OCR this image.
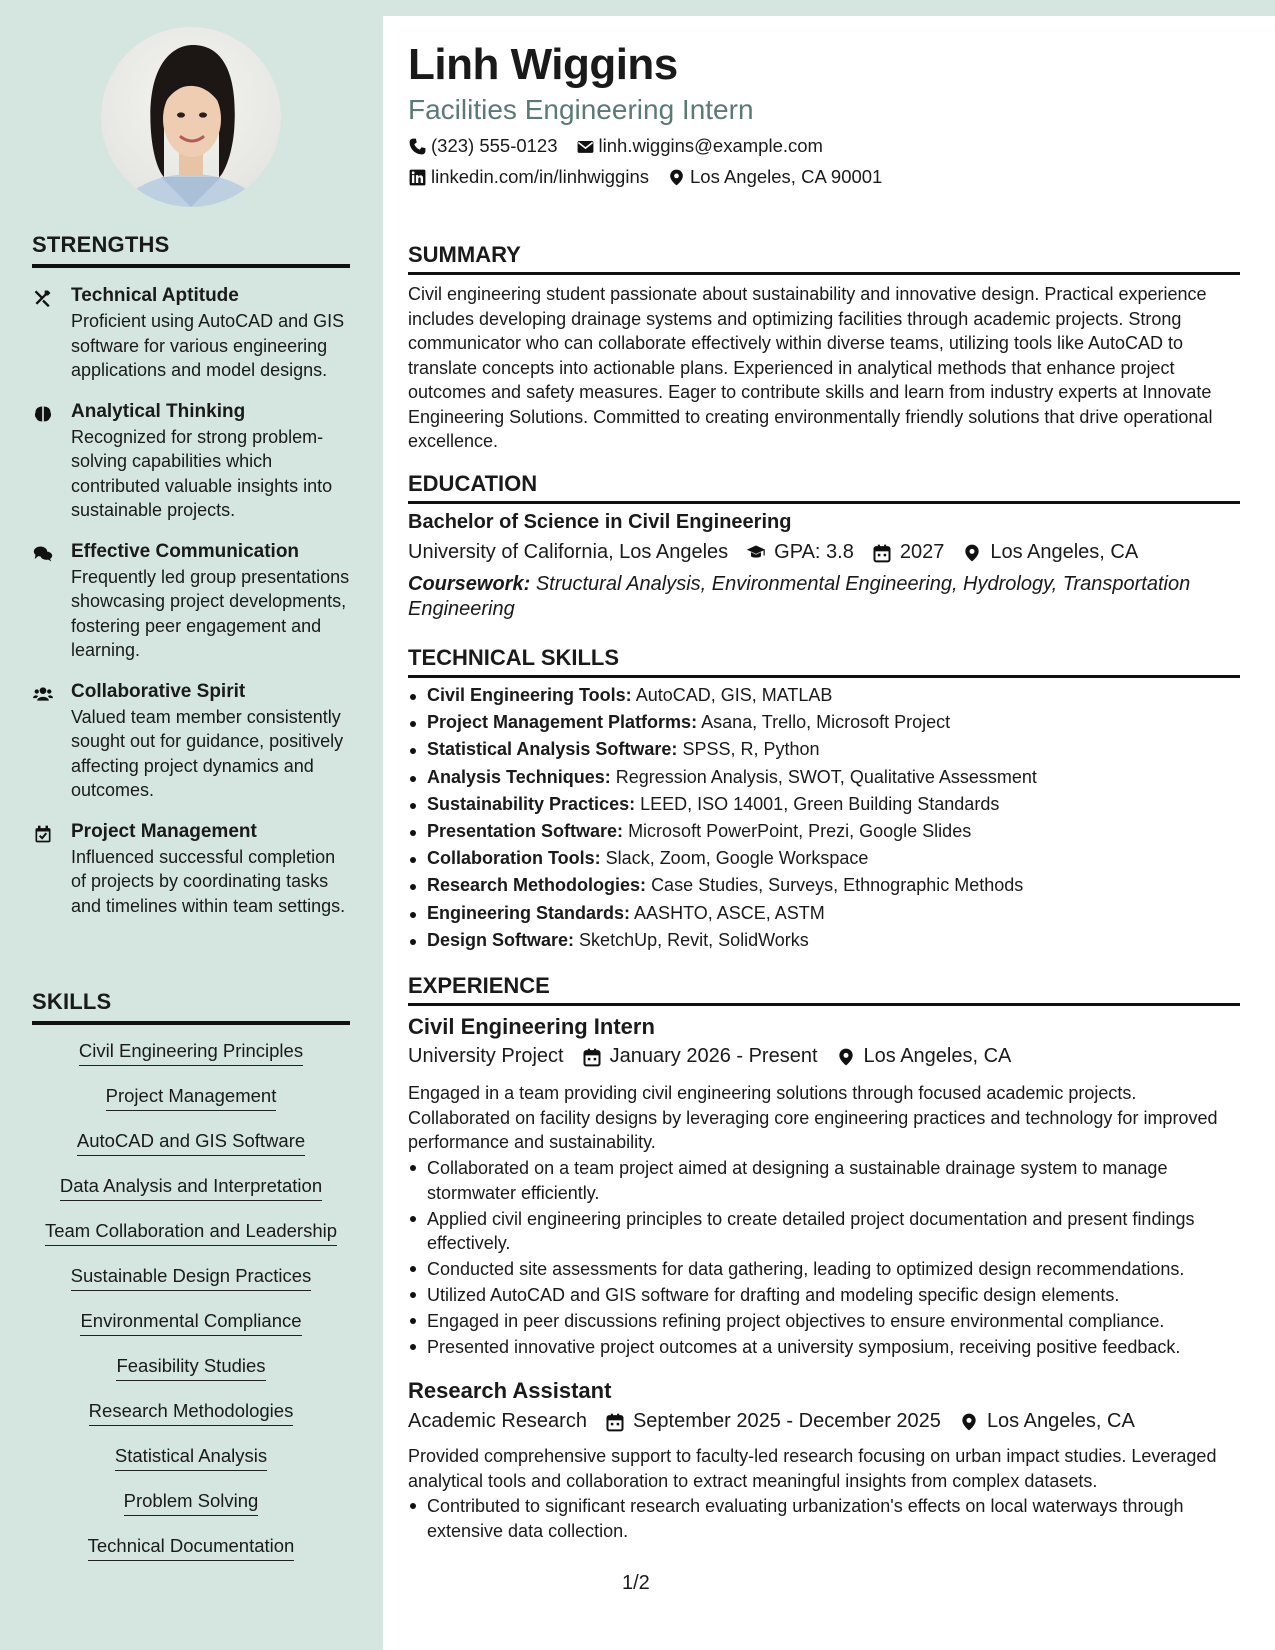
STRENGTHS
Technical Aptitude
Proficient using AutoCAD and GIS software for various engineering applications and model designs.
Analytical Thinking
Recognized for strong problem-solving capabilities which contributed valuable insights into sustainable projects.
Effective Communication
Frequently led group presentations showcasing project developments, fostering peer engagement and learning.
Collaborative Spirit
Valued team member consistently sought out for guidance, positively affecting project dynamics and outcomes.
Project Management
Influenced successful completion of projects by coordinating tasks and timelines within team settings.
SKILLS
Civil Engineering Principles
Project Management
AutoCAD and GIS Software
Data Analysis and Interpretation
Team Collaboration and Leadership
Sustainable Design Practices
Environmental Compliance
Feasibility Studies
Research Methodologies
Statistical Analysis
Problem Solving
Technical Documentation
Linh Wiggins
Facilities Engineering Intern
(323) 555-0123 linh.wiggins@example.com
linkedin.com/in/linhwiggins Los Angeles, CA 90001
SUMMARY
Civil engineering student passionate about sustainability and innovative design. Practical experience includes developing drainage systems and optimizing facilities through academic projects. Strong communicator who can collaborate effectively within diverse teams, utilizing tools like AutoCAD to translate concepts into actionable plans. Experienced in analytical methods that enhance project outcomes and safety measures. Eager to contribute skills and learn from industry experts at Innovate Engineering Solutions. Committed to creating environmentally friendly solutions that drive operational excellence.
EDUCATION
Bachelor of Science in Civil Engineering
University of California, Los Angeles GPA: 3.8 2027 Los Angeles, CA
Coursework: Structural Analysis, Environmental Engineering, Hydrology, Transportation Engineering
TECHNICAL SKILLS
Civil Engineering Tools: AutoCAD, GIS, MATLAB
Project Management Platforms: Asana, Trello, Microsoft Project
Statistical Analysis Software: SPSS, R, Python
Analysis Techniques: Regression Analysis, SWOT, Qualitative Assessment
Sustainability Practices: LEED, ISO 14001, Green Building Standards
Presentation Software: Microsoft PowerPoint, Prezi, Google Slides
Collaboration Tools: Slack, Zoom, Google Workspace
Research Methodologies: Case Studies, Surveys, Ethnographic Methods
Engineering Standards: AASHTO, ASCE, ASTM
Design Software: SketchUp, Revit, SolidWorks
EXPERIENCE
Civil Engineering Intern
University Project January 2026 - Present Los Angeles, CA
Engaged in a team providing civil engineering solutions through focused academic projects. Collaborated on facility designs by leveraging core engineering practices and technology for improved performance and sustainability.
Collaborated on a team project aimed at designing a sustainable drainage system to manage stormwater efficiently.
Applied civil engineering principles to create detailed project documentation and present findings effectively.
Conducted site assessments for data gathering, leading to optimized design recommendations.
Utilized AutoCAD and GIS software for drafting and modeling specific design elements.
Engaged in peer discussions refining project objectives to ensure environmental compliance.
Presented innovative project outcomes at a university symposium, receiving positive feedback.
Research Assistant
Academic Research September 2025 - December 2025 Los Angeles, CA
Provided comprehensive support to faculty-led research focusing on urban impact studies. Leveraged analytical tools and collaboration to extract meaningful insights from complex datasets.
Contributed to significant research evaluating urbanization's effects on local waterways through extensive data collection.
1/2
